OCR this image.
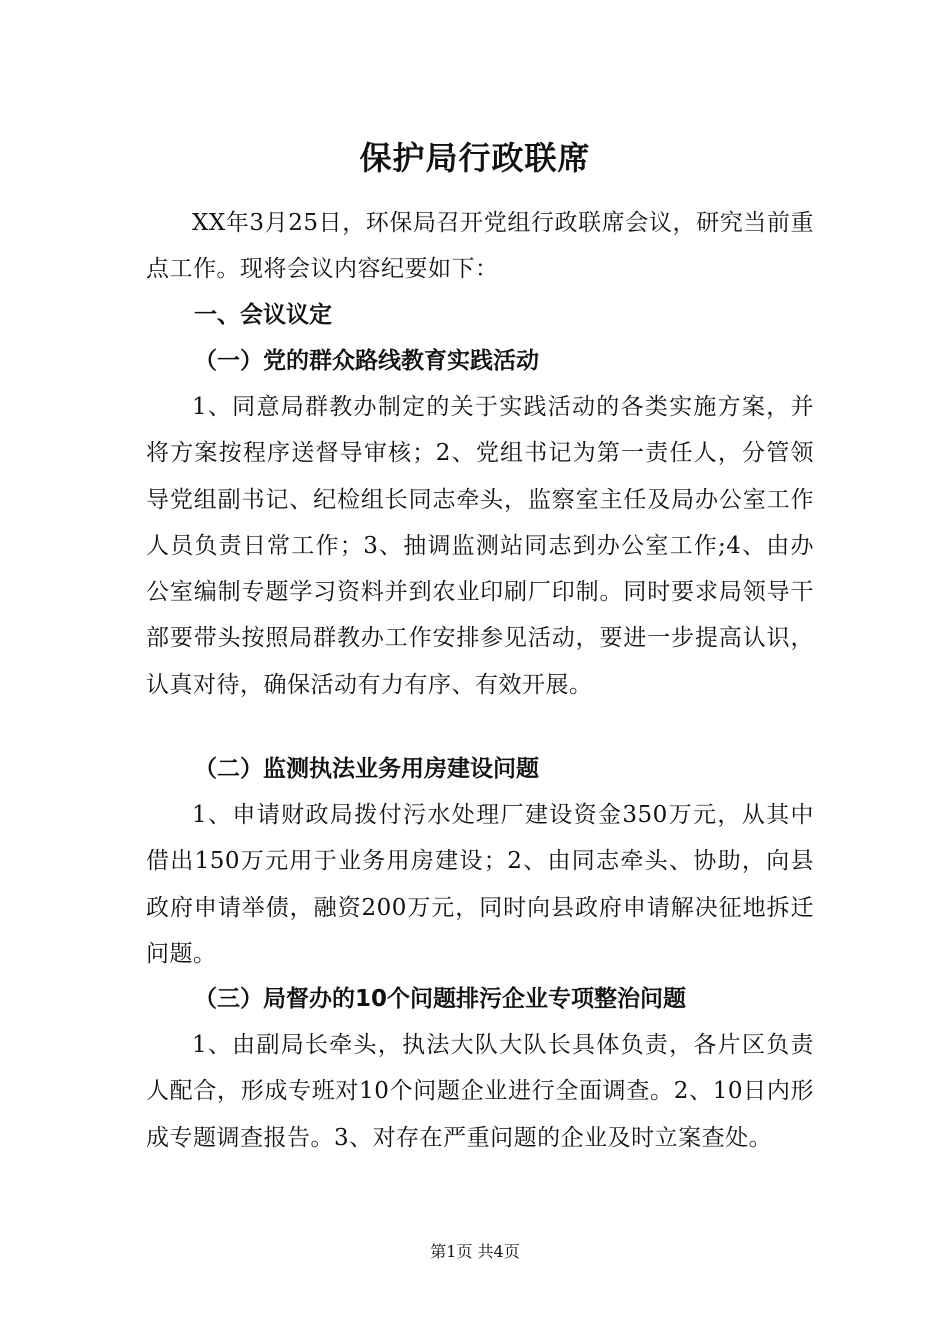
保护局行政联席

XX年3月25日，环保局召开党组行政联席会议，研究当前重点工作。现将会议内容纪要如下：

一、会议议定

（一）党的群众路线教育实践活动

1、同意局群教办制定的关于实践活动的各类实施方案，并将方案按程序送督导审核；2、党组书记为第一责任人，分管领导党组副书记、纪检组长同志牵头，监察室主任及局办公室工作人员负责日常工作；3、抽调监测站同志到办公室工作;4、由办公室编制专题学习资料并到农业印刷厂印制。同时要求局领导干部要带头按照局群教办工作安排参见活动，要进一步提高认识，认真对待，确保活动有力有序、有效开展。

（二）监测执法业务用房建设问题

1、申请财政局拨付污水处理厂建设资金350万元，从其中借出150万元用于业务用房建设；2、由同志牵头、协助，向县政府申请举债，融资200万元，同时向县政府申请解决征地拆迁问题。

（三）局督办的10个问题排污企业专项整治问题

1、由副局长牵头，执法大队大队长具体负责，各片区负责人配合，形成专班对10个问题企业进行全面调查。2、10日内形成专题调查报告。3、对存在严重问题的企业及时立案查处。

第1页 共4页
